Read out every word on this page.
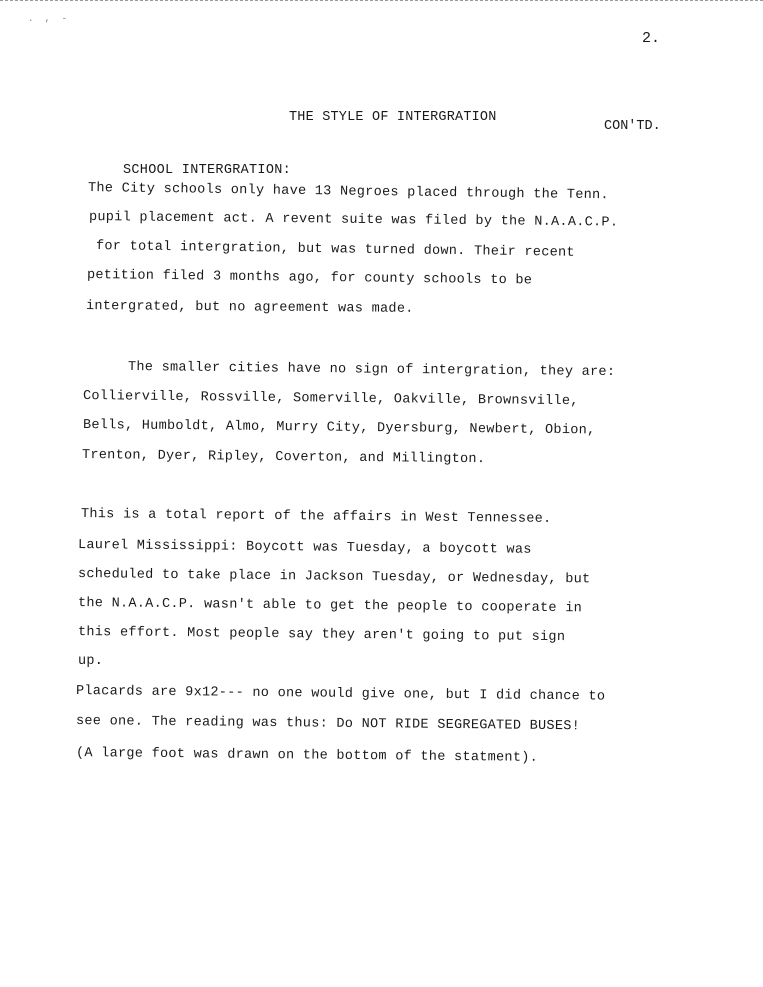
. , -
2.
THE STYLE OF INTERGRATION
CON'TD.
SCHOOL INTERGRATION:
The City schools only have 13 Negroes placed through the Tenn.
pupil placement act. A revent suite was filed by the N.A.A.C.P.
for total intergration, but was turned down. Their recent
petition filed 3 months ago, for county schools to be
intergrated, but no agreement was made.
The smaller cities have no sign of intergration, they are:
Collierville, Rossville, Somerville, Oakville, Brownsville,
Bells, Humboldt, Almo, Murry City, Dyersburg, Newbert, Obion,
Trenton, Dyer, Ripley, Coverton, and Millington.
This is a total report of the affairs in West Tennessee.
Laurel Mississippi: Boycott was Tuesday, a boycott was
scheduled to take place in Jackson Tuesday, or Wednesday, but
the N.A.A.C.P. wasn't able to get the people to cooperate in
this effort. Most people say they aren't going to put sign
up.
Placards are 9x12--- no one would give one, but I did chance to
see one. The reading was thus: Do NOT RIDE SEGREGATED BUSES!
(A large foot was drawn on the bottom of the statment).
